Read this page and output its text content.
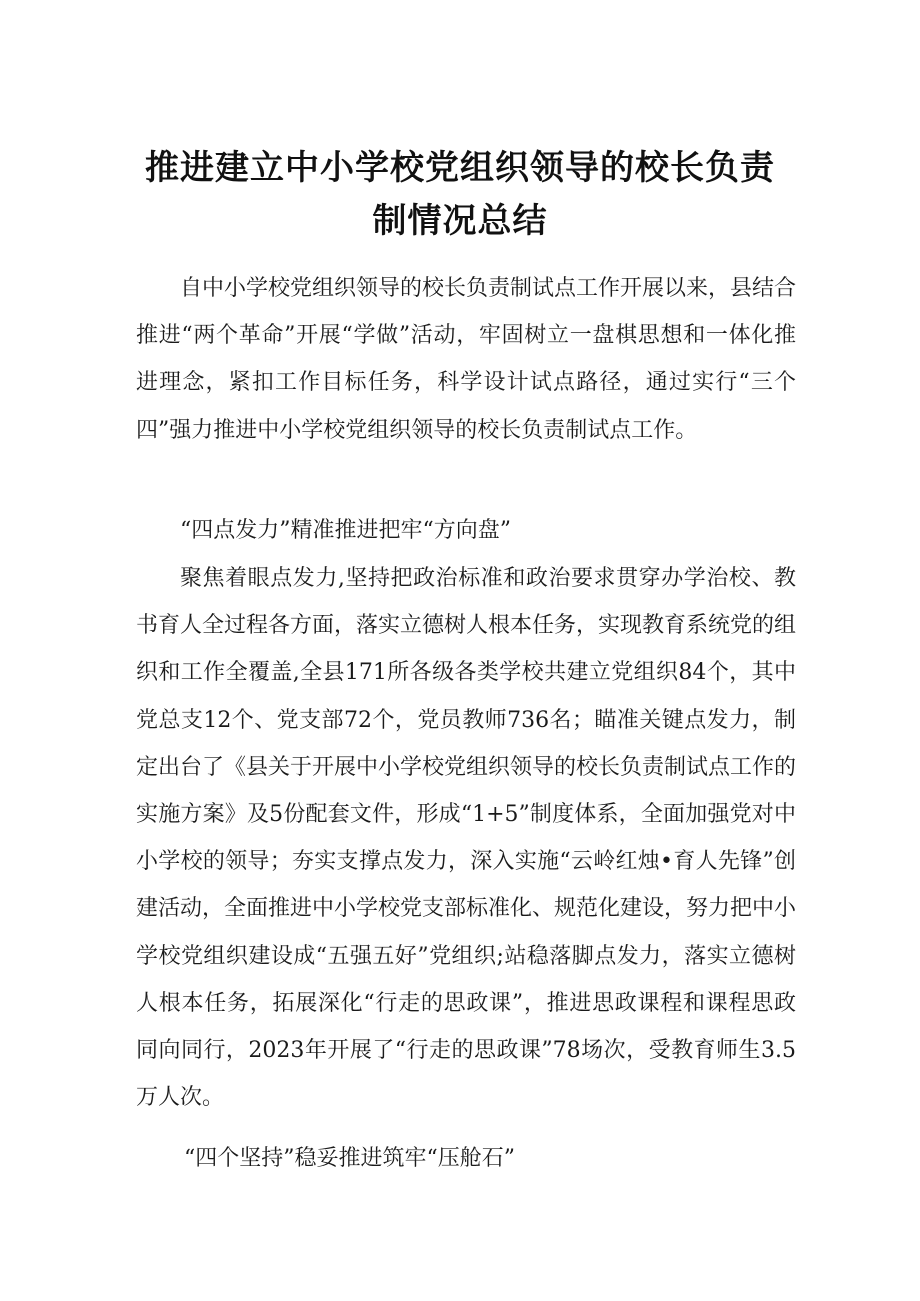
推进建立中小学校党组织领导的校长负责
制情况总结
自中小学校党组织领导的校长负责制试点工作开展以来，县结合推进“两个革命”开展“学做”活动，牢固树立一盘棋思想和一体化推进理念，紧扣工作目标任务，科学设计试点路径，通过实行“三个四”强力推进中小学校党组织领导的校长负责制试点工作。
“四点发力”精准推进把牢“方向盘”
聚焦着眼点发力,坚持把政治标准和政治要求贯穿办学治校、教书育人全过程各方面，落实立德树人根本任务，实现教育系统党的组织和工作全覆盖,全县171所各级各类学校共建立党组织84个，其中党总支12个、党支部72个，党员教师736名；瞄准关键点发力，制定出台了《县关于开展中小学校党组织领导的校长负责制试点工作的实施方案》及5份配套文件，形成“1+5”制度体系，全面加强党对中小学校的领导；夯实支撑点发力，深入实施“云岭红烛•育人先锋”创建活动，全面推进中小学校党支部标准化、规范化建设，努力把中小学校党组织建设成“五强五好”党组织;站稳落脚点发力，落实立德树人根本任务，拓展深化“行走的思政课”，推进思政课程和课程思政同向同行，2023年开展了“行走的思政课”78场次，受教育师生3.5万人次。
“四个坚持”稳妥推进筑牢“压舱石”
